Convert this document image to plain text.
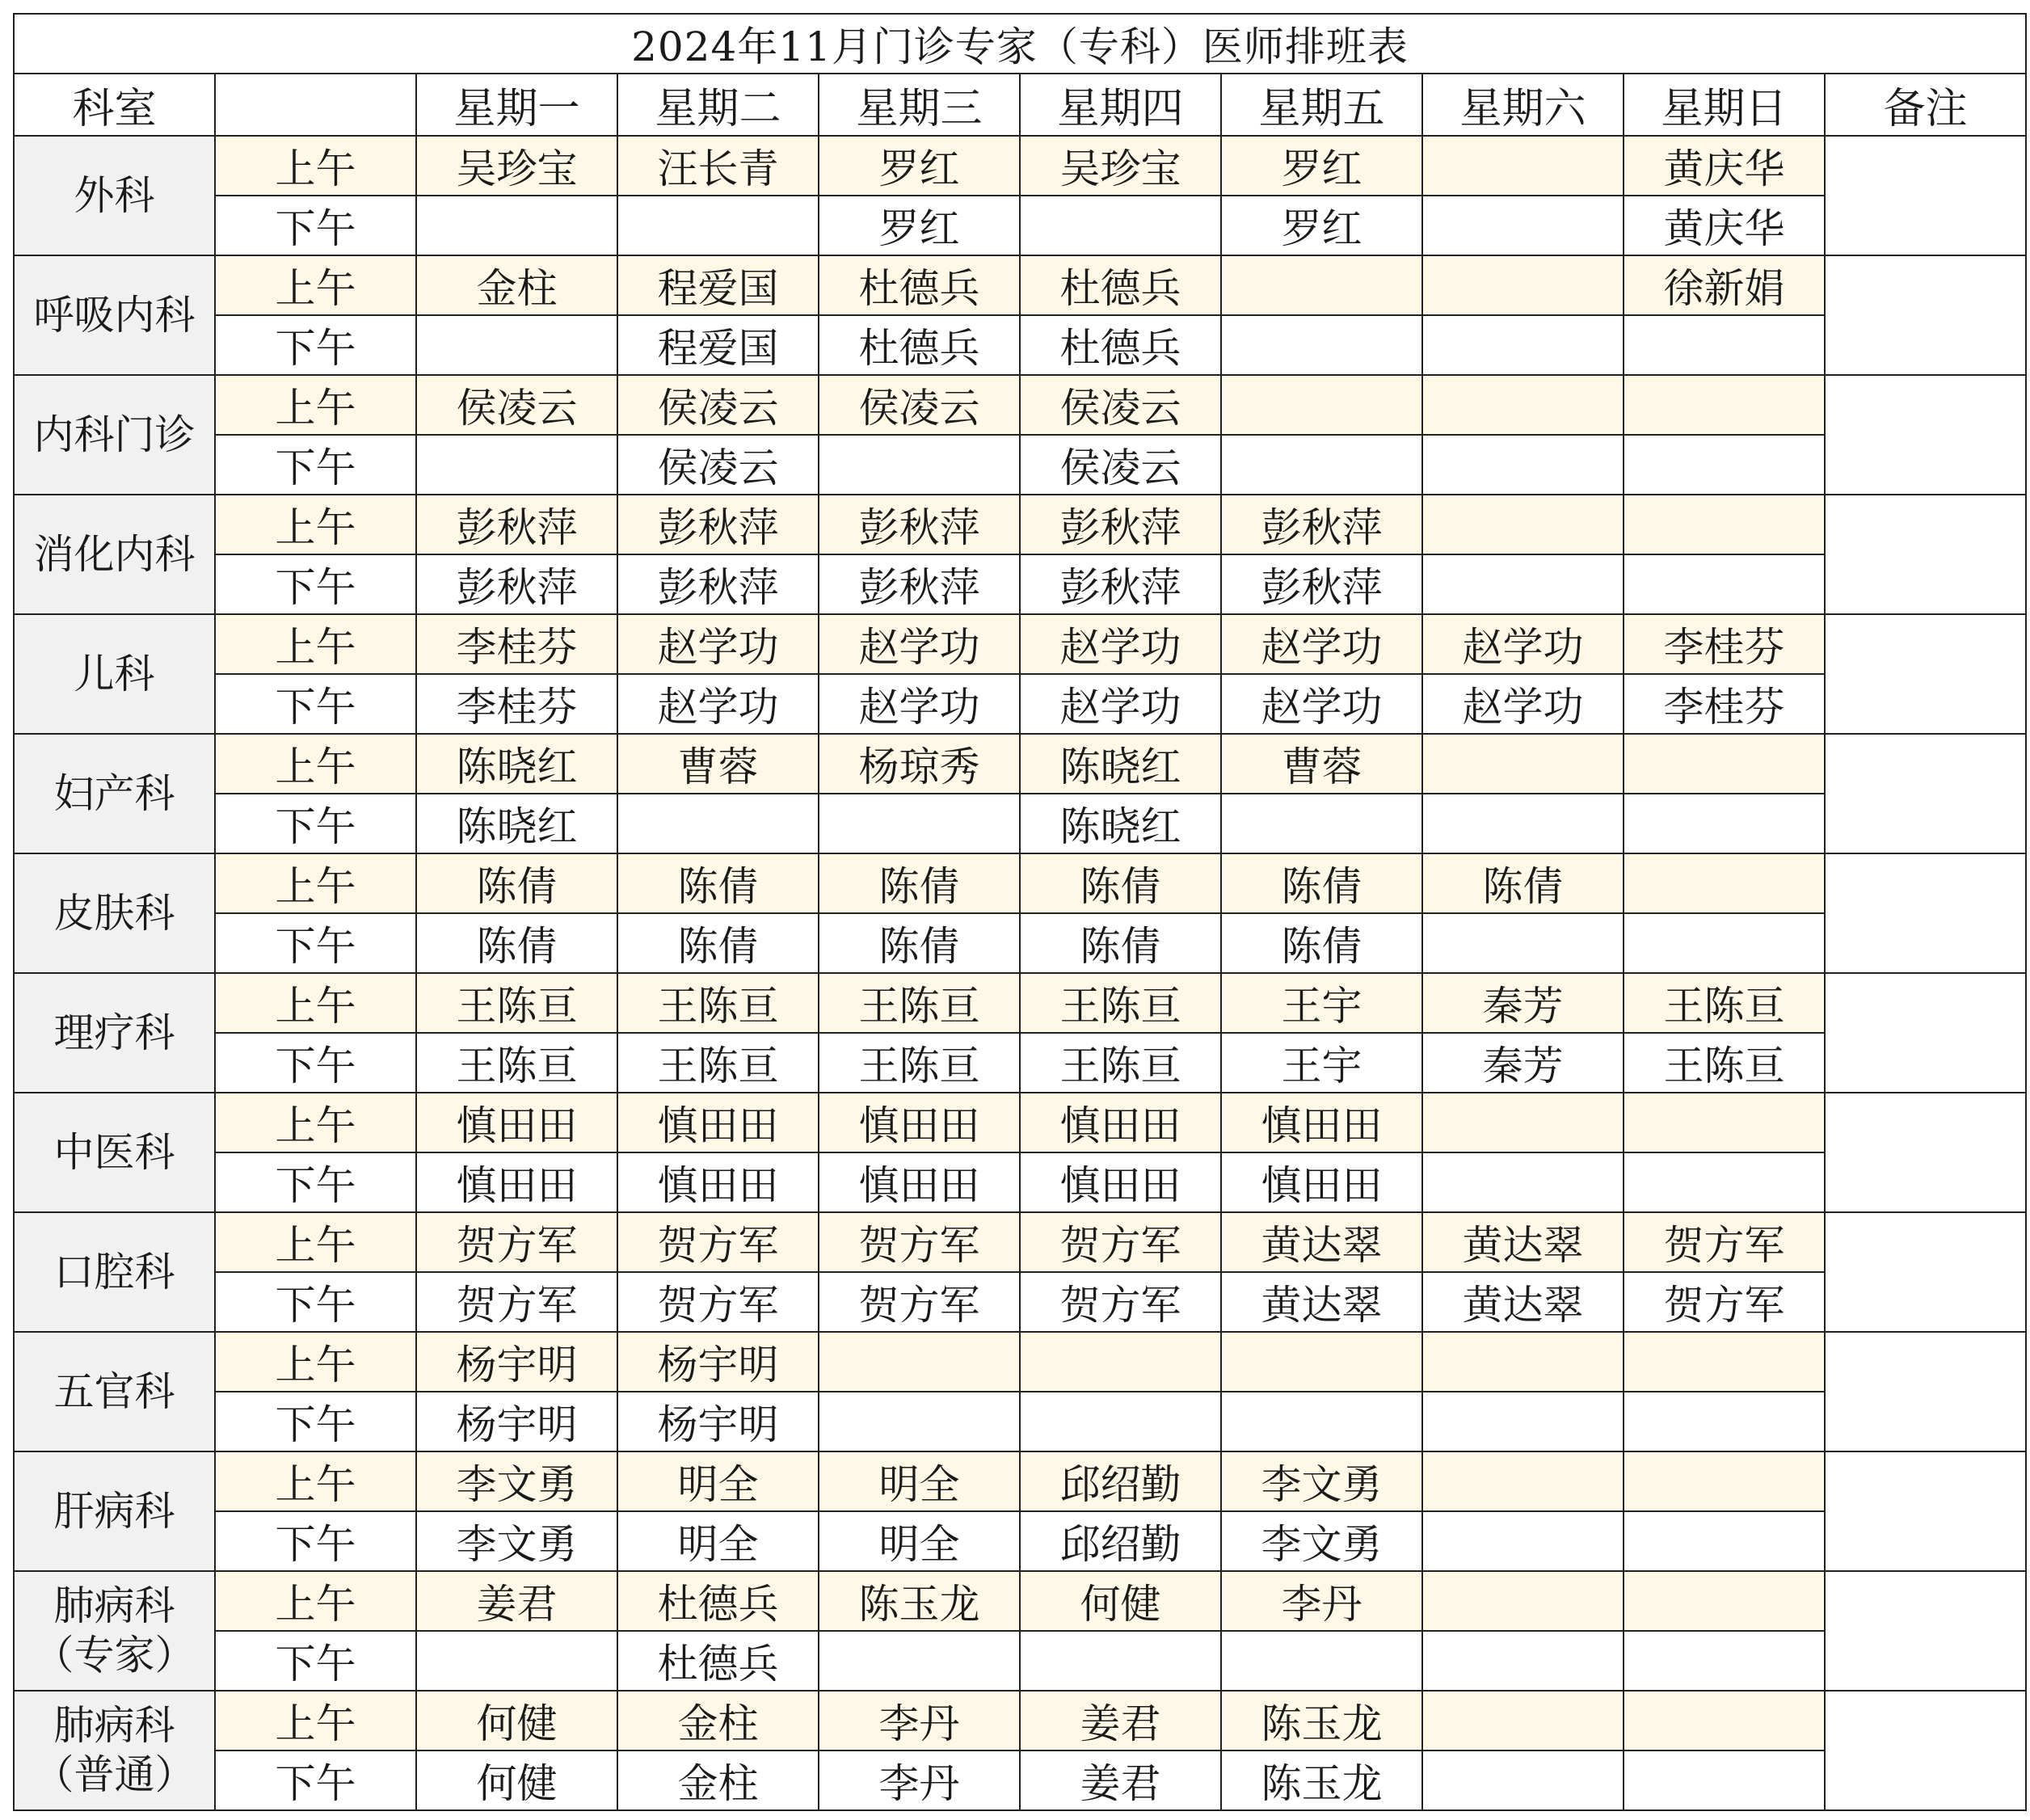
2024年11月门诊专家（专科）医师排班表									
科室		星期一	星期二	星期三	星期四	星期五	星期六	星期日	备注

外科	上午	吴珍宝	汪长青	罗红	吴珍宝	罗红		黄庆华	
	下午			罗红		罗红		黄庆华	

呼吸内科	上午	金柱	程爱国	杜德兵	杜德兵			徐新娟	
	下午		程爱国	杜德兵	杜德兵				

内科门诊	上午	侯凌云	侯凌云	侯凌云	侯凌云				
	下午		侯凌云		侯凌云				

消化内科	上午	彭秋萍	彭秋萍	彭秋萍	彭秋萍	彭秋萍			
	下午	彭秋萍	彭秋萍	彭秋萍	彭秋萍	彭秋萍			

儿科	上午	李桂芬	赵学功	赵学功	赵学功	赵学功	赵学功	李桂芬	
	下午	李桂芬	赵学功	赵学功	赵学功	赵学功	赵学功	李桂芬	

妇产科	上午	陈晓红	曹蓉	杨琼秀	陈晓红	曹蓉			
	下午	陈晓红			陈晓红				

皮肤科	上午	陈倩	陈倩	陈倩	陈倩	陈倩	陈倩		
	下午	陈倩	陈倩	陈倩	陈倩	陈倩			

理疗科	上午	王陈亘	王陈亘	王陈亘	王陈亘	王宇	秦芳	王陈亘	
	下午	王陈亘	王陈亘	王陈亘	王陈亘	王宇	秦芳	王陈亘	

中医科	上午	慎田田	慎田田	慎田田	慎田田	慎田田			
	下午	慎田田	慎田田	慎田田	慎田田	慎田田			

口腔科	上午	贺方军	贺方军	贺方军	贺方军	黄达翠	黄达翠	贺方军	
	下午	贺方军	贺方军	贺方军	贺方军	黄达翠	黄达翠	贺方军	

五官科	上午	杨宇明	杨宇明						
	下午	杨宇明	杨宇明						

肝病科	上午	李文勇	明全	明全	邱绍勤	李文勇			
	下午	李文勇	明全	明全	邱绍勤	李文勇			

肺病科
（专家）	上午	姜君	杜德兵	陈玉龙	何健	李丹			
	下午		杜德兵						

肺病科
（普通）	上午	何健	金柱	李丹	姜君	陈玉龙			
	下午	何健	金柱	李丹	姜君	陈玉龙			
